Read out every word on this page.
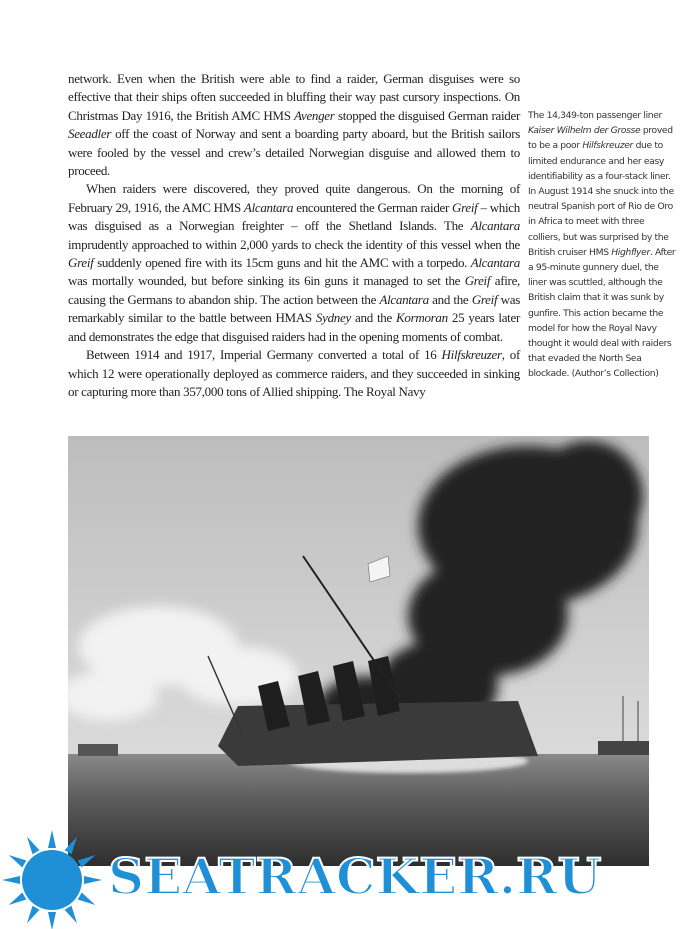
network. Even when the British were able to find a raider, German disguises were so effective that their ships often succeeded in bluffing their way past cursory inspections. On Christmas Day 1916, the British AMC HMS Avenger stopped the disguised German raider Seeadler off the coast of Norway and sent a boarding party aboard, but the British sailors were fooled by the vessel and crew’s detailed Norwegian disguise and allowed them to proceed.

When raiders were discovered, they proved quite dangerous. On the morning of February 29, 1916, the AMC HMS Alcantara encountered the German raider Greif – which was disguised as a Norwegian freighter – off the Shetland Islands. The Alcantara imprudently approached to within 2,000 yards to check the identity of this vessel when the Greif suddenly opened fire with its 15cm guns and hit the AMC with a torpedo. Alcantara was mortally wounded, but before sinking its 6in guns it managed to set the Greif afire, causing the Germans to abandon ship. The action between the Alcantara and the Greif was remarkably similar to the battle between HMAS Sydney and the Kormoran 25 years later and demonstrates the edge that disguised raiders had in the opening moments of combat.

Between 1914 and 1917, Imperial Germany converted a total of 16 Hilfskreuzer, of which 12 were operationally deployed as commerce raiders, and they succeeded in sinking or capturing more than 357,000 tons of Allied shipping. The Royal Navy

The 14,349-ton passenger liner Kaiser Wilhelm der Grosse proved to be a poor Hilfskreuzer due to limited endurance and her easy identifiability as a four-stack liner. In August 1914 she snuck into the neutral Spanish port of Rio de Oro in Africa to meet with three colliers, but was surprised by the British cruiser HMS Highflyer. After a 95-minute gunnery duel, the liner was scuttled, although the British claim that it was sunk by gunfire. This action became the model for how the Royal Navy thought it would deal with raiders that evaded the North Sea blockade. (Author’s Collection)
SEATRACKER.RU
